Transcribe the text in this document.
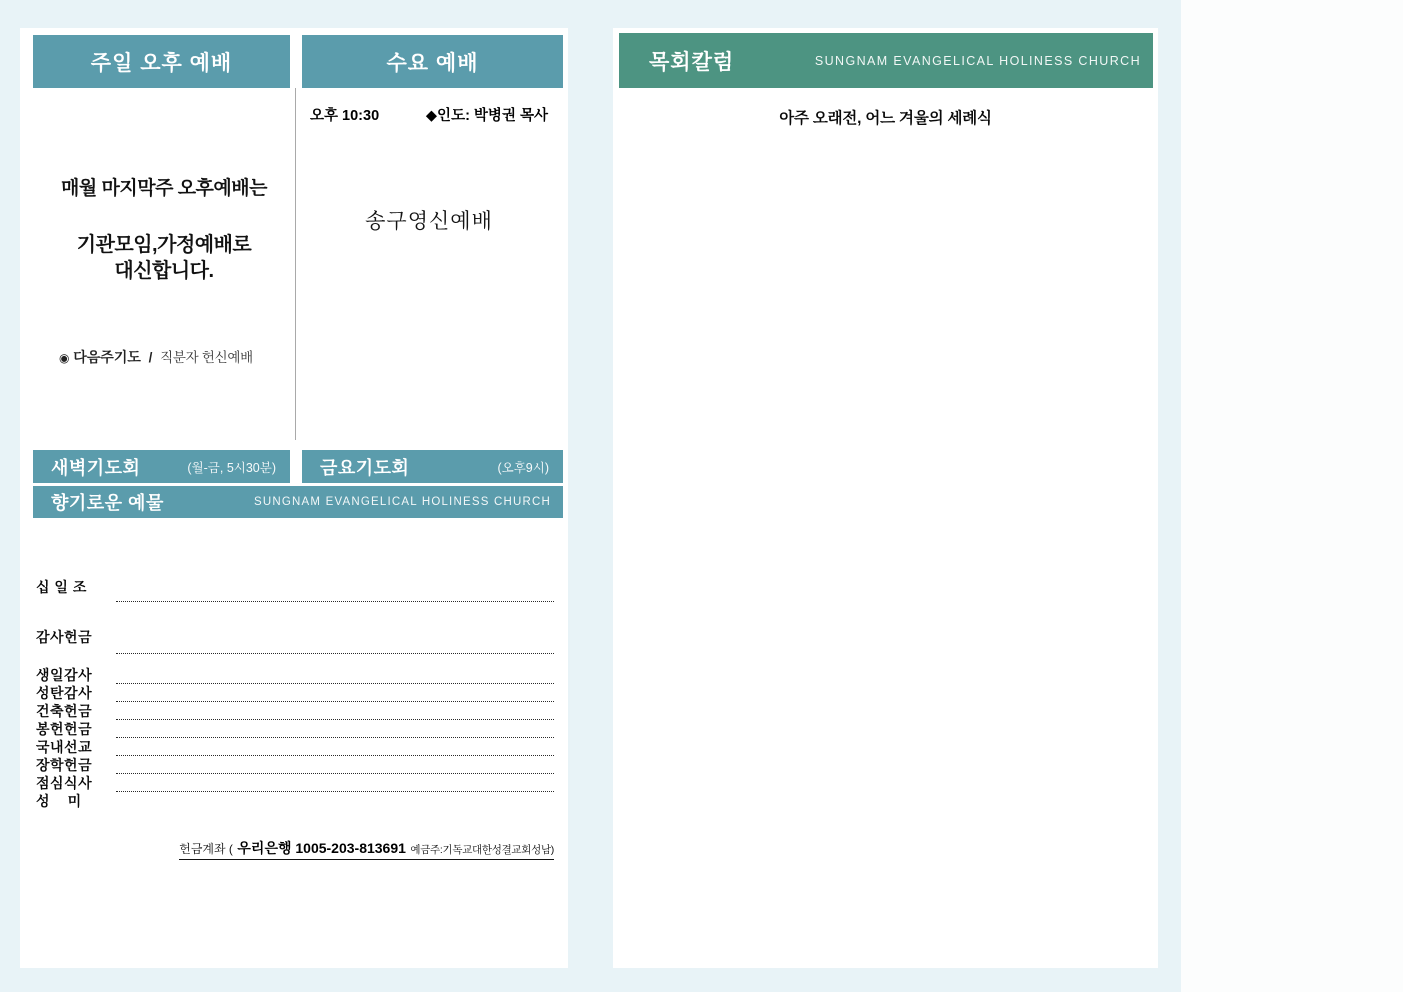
주일 오후 예배	수요 예배
매월 마지막주 오후예배는
기관모임,가정예배로
대신합니다.
◉ 다음주기도 / 직분자 헌신예배
오후 10:30	◆인도: 박병권 목사
송구영신예배
새벽기도회	(월-금, 5시30분) 금요기도회	(오후9시)
향기로운 예물	SUNGNAM EVANGELICAL HOLINESS CHURCH
십 일 조
감사헌금
생일감사
성탄감사
건축헌금
봉헌헌금
국내선교
장학헌금
점심식사
성    미
헌금계좌 ( 우리은행 1005-203-813691 예금주:기독교대한성결교회성남)
목회칼럼	SUNGNAM EVANGELICAL HOLINESS CHURCH
아주 오래전, 어느 겨울의 세례식
